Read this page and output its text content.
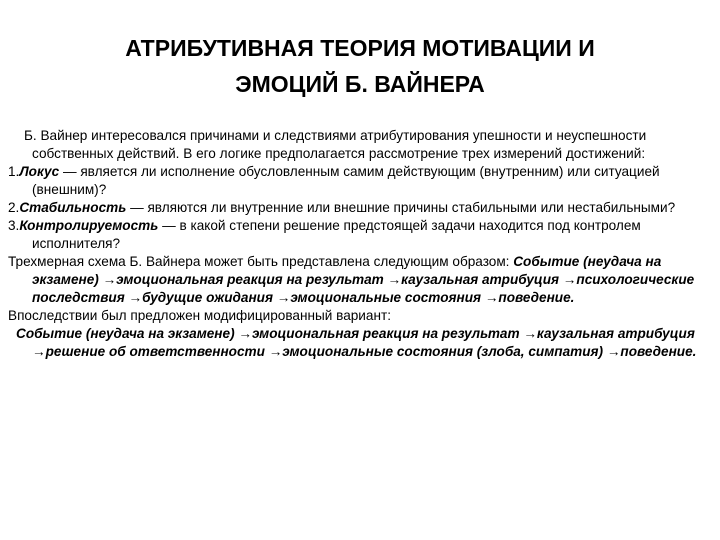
АТРИБУТИВНАЯ ТЕОРИЯ МОТИВАЦИИ И
ЭМОЦИЙ Б. ВАЙНЕРА

Б. Вайнер интересовался причинами и следствиями атрибутирования упешности и неуспешности собственных действий. В его логике предполагается рассмотрение трех измерений достижений:

1.Локус — является ли исполнение обусловленным самим действующим (внутренним) или ситуацией (внешним)?

2.Стабильность — являются ли внутренние или внешние причины стабильными или нестабильными?

3.Контролируемость — в какой степени решение предстоящей задачи находится под контролем исполнителя?

Трехмерная схема Б. Вайнера может быть представлена следующим образом: Событие (неудача на экзамене) →эмоциональная реакция на результат →каузальная атрибуция →психологические последствия →будущие ожидания →эмоциональные состояния →поведение.

Впоследствии был предложен модифицированный вариант:

Событие (неудача на экзамене) →эмоциональная реакция на результат →каузальная атрибуция →решение об ответственности →эмоциональные состояния (злоба, симпатия) →поведение.
